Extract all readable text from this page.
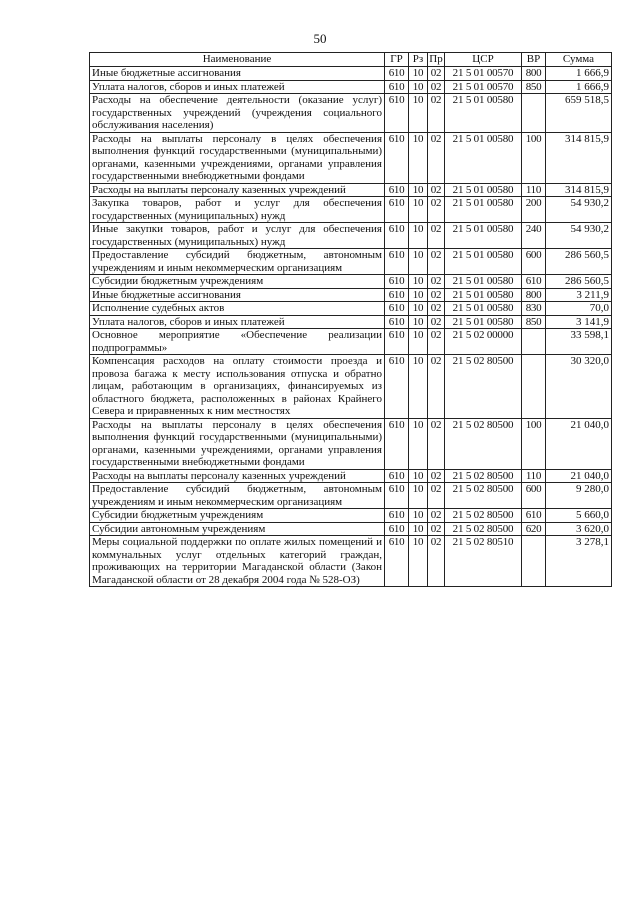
50
Наименование	ГР	Рз	Пр	ЦСР	ВР	Сумма
Иные бюджетные ассигнования	610	10	02	21 5 01 00570	800	1 666,9
Уплата налогов, сборов и иных платежей	610	10	02	21 5 01 00570	850	1 666,9
Расходы на обеспечение деятельности (оказание услуг) государственных учреждений (учреждения социального обслуживания населения)	610	10	02	21 5 01 00580		659 518,5
Расходы на выплаты персоналу в целях обеспечения выполнения функций государственными (муниципальными) органами, казенными учреждениями, органами управления государственными внебюджетными фондами	610	10	02	21 5 01 00580	100	314 815,9
Расходы на выплаты персоналу казенных учреждений	610	10	02	21 5 01 00580	110	314 815,9
Закупка товаров, работ и услуг для обеспечения государственных (муниципальных) нужд	610	10	02	21 5 01 00580	200	54 930,2
Иные закупки товаров, работ и услуг для обеспечения государственных (муниципальных) нужд	610	10	02	21 5 01 00580	240	54 930,2
Предоставление субсидий бюджетным, автономным учреждениям и иным некоммерческим организациям	610	10	02	21 5 01 00580	600	286 560,5
Субсидии бюджетным учреждениям	610	10	02	21 5 01 00580	610	286 560,5
Иные бюджетные ассигнования	610	10	02	21 5 01 00580	800	3 211,9
Исполнение судебных актов	610	10	02	21 5 01 00580	830	70,0
Уплата налогов, сборов и иных платежей	610	10	02	21 5 01 00580	850	3 141,9
Основное мероприятие «Обеспечение реализации подпрограммы»	610	10	02	21 5 02 00000		33 598,1
Компенсация расходов на оплату стоимости проезда и провоза багажа к месту использования отпуска и обратно лицам, работающим в организациях, финансируемых из областного бюджета, расположенных в районах Крайнего Севера и приравненных к ним местностях	610	10	02	21 5 02 80500		30 320,0
Расходы на выплаты персоналу в целях обеспечения выполнения функций государственными (муниципальными) органами, казенными учреждениями, органами управления государственными внебюджетными фондами	610	10	02	21 5 02 80500	100	21 040,0
Расходы на выплаты персоналу казенных учреждений	610	10	02	21 5 02 80500	110	21 040,0
Предоставление субсидий бюджетным, автономным учреждениям и иным некоммерческим организациям	610	10	02	21 5 02 80500	600	9 280,0
Субсидии бюджетным учреждениям	610	10	02	21 5 02 80500	610	5 660,0
Субсидии автономным учреждениям	610	10	02	21 5 02 80500	620	3 620,0
Меры социальной поддержки по оплате жилых помещений и коммунальных услуг отдельных категорий граждан, проживающих на территории Магаданской области (Закон Магаданской области от 28 декабря 2004 года № 528-ОЗ)	610	10	02	21 5 02 80510		3 278,1
